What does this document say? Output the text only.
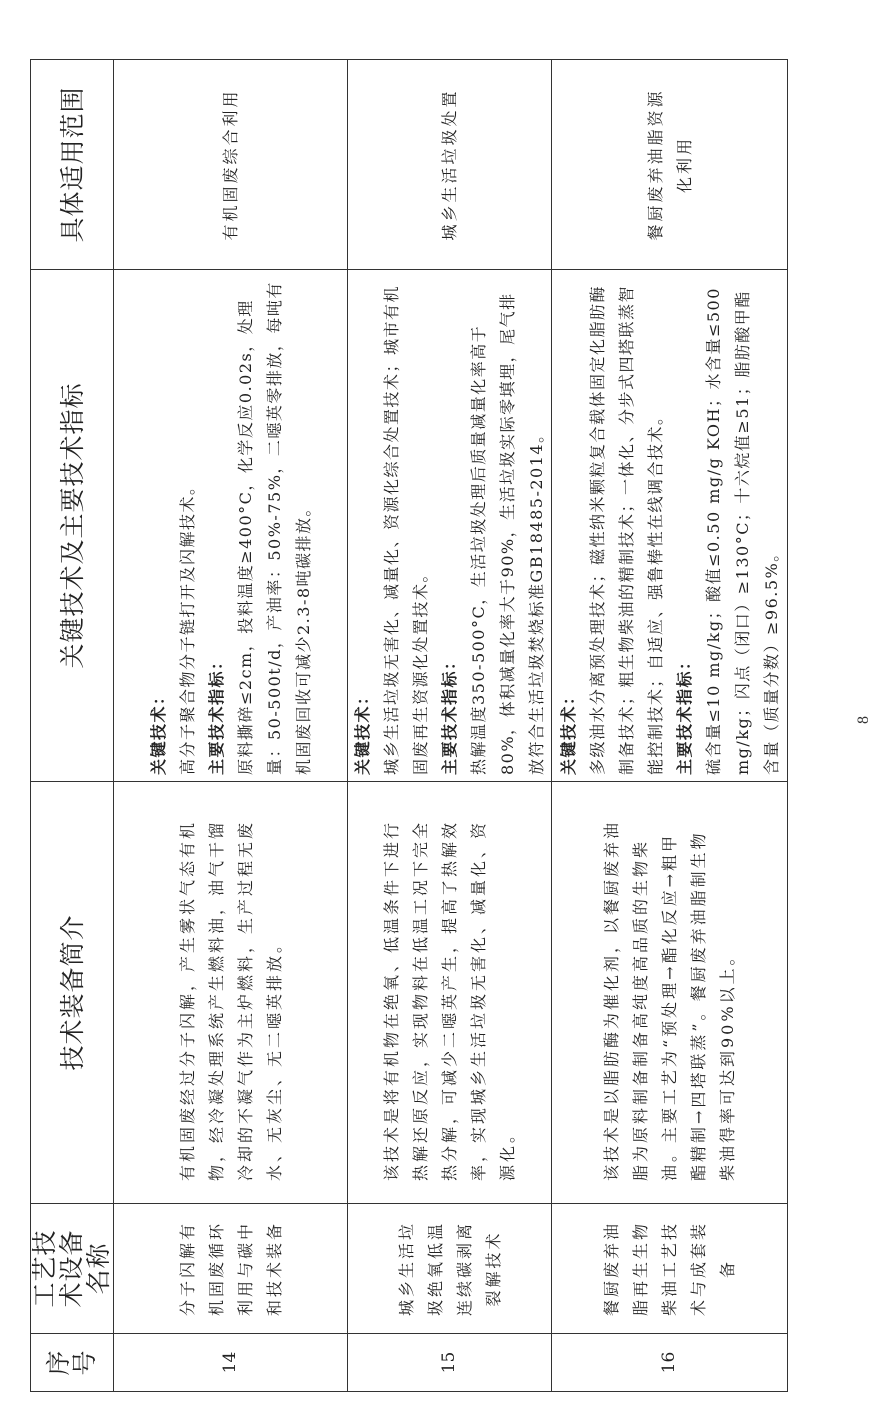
序号	工艺技术设备名称	技术装备简介	关键技术及主要技术指标	具体适用范围
14	分子闪解有机固废循环利用与碳中和技术装备	有机固废经过分子闪解，产生雾状气态有机物，经冷凝处理系统产生燃料油，油气干馏冷却的不凝气作为主炉燃料，生产过程无废水、无灰尘、无二噁英排放。	关键技术： 高分子聚合物分子链打开及闪解技术。 主要技术指标： 原料撕碎≤2cm，投料温度≥400°C，化学反应0.02s，处理量：50-500t/d，产油率：50%-75%，二噁英零排放，每吨有机固废回收可减少2.3-8吨碳排放。	有机固废综合利用
15	城乡生活垃圾绝氧低温连续碳剥离裂解技术	该技术是将有机物在绝氧、低温条件下进行热解还原反应，实现物料在低温工况下完全热分解，可减少二噁英产生，提高了热解效率，实现城乡生活垃圾无害化、减量化、资源化。	关键技术： 城乡生活垃圾无害化、减量化、资源化综合处置技术；城市有机固废再生资源化处置技术。 主要技术指标： 热解温度350-500°C，生活垃圾处理后质量减量化率高于80%，体积减量化率大于90%，生活垃圾实际零填埋，尾气排放符合生活垃圾焚烧标准GB18485-2014。	城乡生活垃圾处置
16	餐厨废弃油脂再生生物柴油工艺技术与成套装备	该技术是以脂肪酶为催化剂，以餐厨废弃油脂为原料制备制备高纯度高品质的生物柴油。主要工艺为“预处理→酯化反应→粗甲酯精制→四塔联蒸”。餐厨废弃油脂制生物柴油得率可达到90%以上。	关键技术： 多级油水分离预处理技术；磁性纳米颗粒复合载体固定化脂肪酶制备技术；粗生物柴油的精制技术；一体化、分步式四塔联蒸智能控制技术；自适应、强鲁棒性在线调合技术。 主要技术指标： 硫含量≤10 mg/kg；酸值≤0.50 mg/g KOH；水含量≤500 mg/kg；闪点（闭口）≥130°C；十六烷值≥51；脂肪酸甲酯含量（质量分数）≥96.5%。	餐厨废弃油脂资源化利用
8
